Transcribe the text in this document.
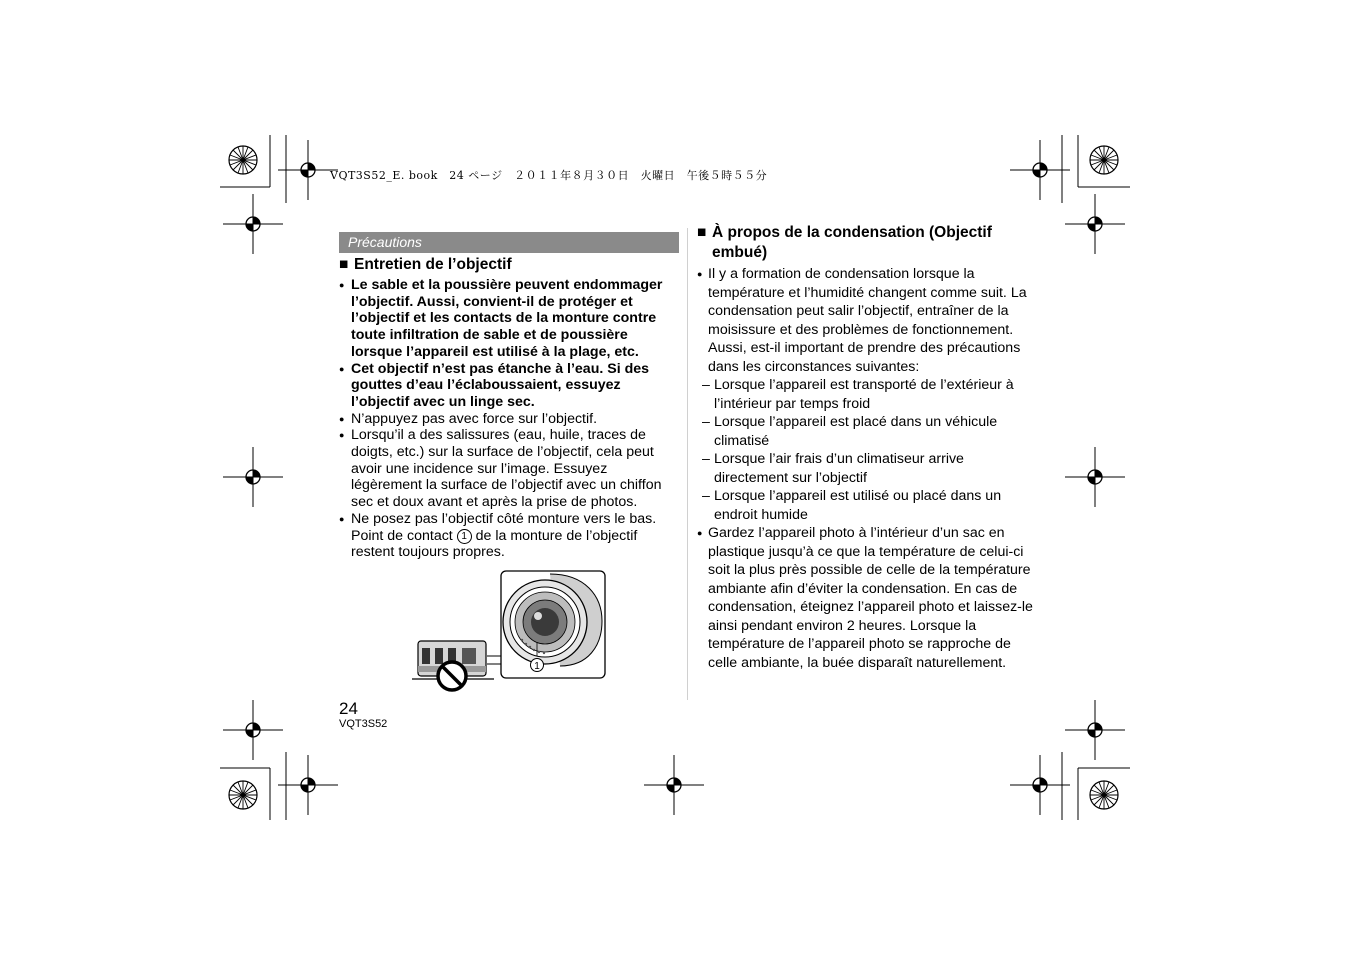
VQT3S52_E. book　24 ページ　２０１１年８月３０日　火曜日　午後５時５５分
Précautions
■ Entretien de l’objectif
● Le sable et la poussière peuvent endommager l’objectif. Aussi, convient-il de protéger et l’objectif et les contacts de la monture contre toute infiltration de sable et de poussière lorsque l’appareil est utilisé à la plage, etc.
● Cet objectif n’est pas étanche à l’eau. Si des gouttes d’eau l’éclaboussaient, essuyez l’objectif avec un linge sec.
● N’appuyez pas avec force sur l’objectif.
● Lorsqu’il a des salissures (eau, huile, traces de doigts, etc.) sur la surface de l’objectif, cela peut avoir une incidence sur l’image. Essuyez légèrement la surface de l’objectif avec un chiffon sec et doux avant et après la prise de photos.
● Ne posez pas l’objectif côté monture vers le bas. Point de contact 1 de la monture de l’objectif restent toujours propres.
1
■ À propos de la condensation (Objectif embué)
● Il y a formation de condensation lorsque la température et l’humidité changent comme suit. La condensation peut salir l’objectif, entraîner de la moisissure et des problèmes de fonctionnement. Aussi, est-il important de prendre des précautions dans les circonstances suivantes:
– Lorsque l’appareil est transporté de l’extérieur à l’intérieur par temps froid
– Lorsque l’appareil est placé dans un véhicule climatisé
– Lorsque l’air frais d’un climatiseur arrive directement sur l’objectif
– Lorsque l’appareil est utilisé ou placé dans un endroit humide
● Gardez l’appareil photo à l’intérieur d’un sac en plastique jusqu’à ce que la température de celui-ci soit la plus près possible de celle de la température ambiante afin d’éviter la condensation. En cas de condensation, éteignez l’appareil photo et laissez-le ainsi pendant environ 2 heures. Lorsque la température de l’appareil photo se rapproche de celle ambiante, la buée disparaît naturellement.
24
VQT3S52
